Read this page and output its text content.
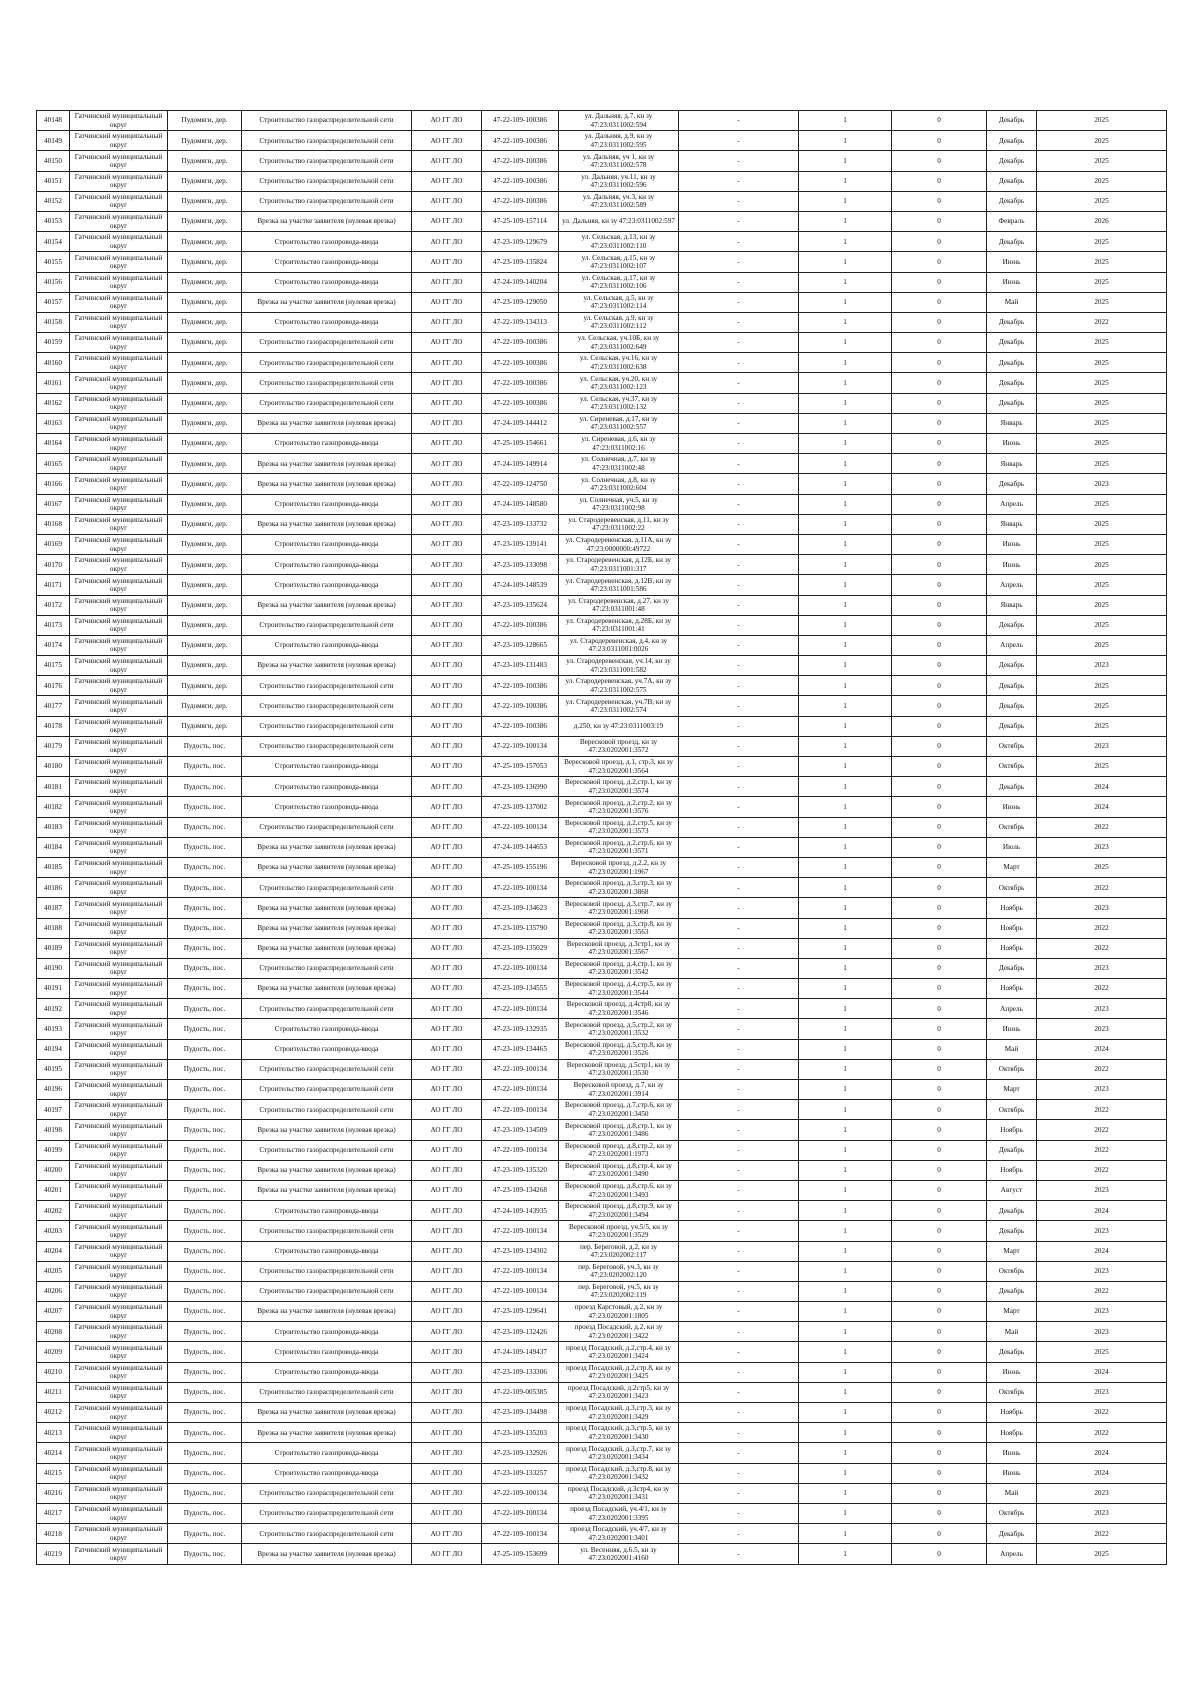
40148	Гатчинский муниципальный округ	Пудомяги, дер.	Строительство газораспределительной сети	АО ГГ ЛО	47-22-109-100386	ул. Дальняя, д.7, кн зу 47:23:0311002:594	-	1	0	Декабрь	2025
40149	Гатчинский муниципальный округ	Пудомяги, дер.	Строительство газораспределительной сети	АО ГГ ЛО	47-22-109-100386	ул. Дальняя, д.9, кн зу 47:23:0311002:595	-	1	0	Декабрь	2025
40150	Гатчинский муниципальный округ	Пудомяги, дер.	Строительство газораспределительной сети	АО ГГ ЛО	47-22-109-100386	ул. Дальняя, уч 1, кн зу 47:23:0311002:578	-	1	0	Декабрь	2025
40151	Гатчинский муниципальный округ	Пудомяги, дер.	Строительство газораспределительной сети	АО ГГ ЛО	47-22-109-100386	ул. Дальняя, уч.11, кн зу 47:23:0311002:596	-	1	0	Декабрь	2025
40152	Гатчинский муниципальный округ	Пудомяги, дер.	Строительство газораспределительной сети	АО ГГ ЛО	47-22-109-100386	ул. Дальняя, уч.3, кн зу 47:23:0311002:589	-	1	0	Декабрь	2025
40153	Гатчинский муниципальный округ	Пудомяги, дер.	Врезка на участке заявителя (нулевая врезка)	АО ГГ ЛО	47-25-109-157114	ул. Дальняя, кн зу 47:23:0311002:597	-	1	0	Февраль	2026
40154	Гатчинский муниципальный округ	Пудомяги, дер.	Строительство газопровода-ввода	АО ГГ ЛО	47-23-109-129679	ул. Сельская, д.13, кн зу 47:23:0311002:110	-	1	0	Декабрь	2025
40155	Гатчинский муниципальный округ	Пудомяги, дер.	Строительство газопровода-ввода	АО ГГ ЛО	47-23-109-135824	ул. Сельская, д.15, кн зу 47:23:0311002:107	-	1	0	Июнь	2025
40156	Гатчинский муниципальный округ	Пудомяги, дер.	Строительство газопровода-ввода	АО ГГ ЛО	47-24-109-140204	ул. Сельская, д.17, кн зу 47:23:0311002:106	-	1	0	Июнь	2025
40157	Гатчинский муниципальный округ	Пудомяги, дер.	Врезка на участке заявителя (нулевая врезка)	АО ГГ ЛО	47-23-109-129050	ул. Сельская, д.5, кн зу 47:23:0311002:114	-	1	0	Май	2025
40158	Гатчинский муниципальный округ	Пудомяги, дер.	Строительство газопровода-ввода	АО ГГ ЛО	47-22-109-134313	ул. Сельская, д.9, кн зу 47:23:0311002:112	-	1	0	Декабрь	2022
40159	Гатчинский муниципальный округ	Пудомяги, дер.	Строительство газораспределительной сети	АО ГГ ЛО	47-22-109-100386	ул. Сельская, уч.10Б, кн зу 47:23:0311002:649	-	1	0	Декабрь	2025
40160	Гатчинский муниципальный округ	Пудомяги, дер.	Строительство газораспределительной сети	АО ГГ ЛО	47-22-109-100386	ул. Сельская, уч.16, кн зу 47:23:0311002:638	-	1	0	Декабрь	2025
40161	Гатчинский муниципальный округ	Пудомяги, дер.	Строительство газораспределительной сети	АО ГГ ЛО	47-22-109-100386	ул. Сельская, уч.20, кн зу 47:23:0311002:123	-	1	0	Декабрь	2025
40162	Гатчинский муниципальный округ	Пудомяги, дер.	Строительство газораспределительной сети	АО ГГ ЛО	47-22-109-100386	ул. Сельская, уч.37, кн зу 47:23:0311002:132	-	1	0	Декабрь	2025
40163	Гатчинский муниципальный округ	Пудомяги, дер.	Врезка на участке заявителя (нулевая врезка)	АО ГГ ЛО	47-24-109-144412	ул. Сиреневая, д.17, кн зу 47:23:0311002:557	-	1	0	Январь	2025
40164	Гатчинский муниципальный округ	Пудомяги, дер.	Строительство газопровода-ввода	АО ГГ ЛО	47-25-109-154661	ул. Сиреневая, д.6, кн зу 47:23:0311002:16	-	1	0	Июнь	2025
40165	Гатчинский муниципальный округ	Пудомяги, дер.	Врезка на участке заявителя (нулевая врезка)	АО ГГ ЛО	47-24-109-149914	ул. Солнечная, д.7, кн зу 47:23:0311002:48	-	1	0	Январь	2025
40166	Гатчинский муниципальный округ	Пудомяги, дер.	Врезка на участке заявителя (нулевая врезка)	АО ГГ ЛО	47-22-109-124750	ул. Солнечная, д.8, кн зу 47:23:0311002:604	-	1	0	Декабрь	2023
40167	Гатчинский муниципальный округ	Пудомяги, дер.	Строительство газопровода-ввода	АО ГГ ЛО	47-24-109-148580	ул. Солнечная, уч.5, кн зу 47:23:0311002:98	-	1	0	Апрель	2025
40168	Гатчинский муниципальный округ	Пудомяги, дер.	Врезка на участке заявителя (нулевая врезка)	АО ГГ ЛО	47-23-109-133732	ул. Стародеревенская, д.11, кн зу 47:23:0311002:22	-	1	0	Январь	2025
40169	Гатчинский муниципальный округ	Пудомяги, дер.	Строительство газопровода-ввода	АО ГГ ЛО	47-23-109-139141	ул. Стародеревенская, д.11А, кн зу 47:23:0000000:49722	-	1	0	Июнь	2025
40170	Гатчинский муниципальный округ	Пудомяги, дер.	Строительство газопровода-ввода	АО ГГ ЛО	47-23-109-133098	ул. Стародеревенская, д.12Б, кн зу 47:23:0311001:317	-	1	0	Июнь	2025
40171	Гатчинский муниципальный округ	Пудомяги, дер.	Строительство газопровода-ввода	АО ГГ ЛО	47-24-109-148539	ул. Стародеревенская, д.12В, кн зу 47:23:0311001:586	-	1	0	Апрель	2025
40172	Гатчинский муниципальный округ	Пудомяги, дер.	Врезка на участке заявителя (нулевая врезка)	АО ГГ ЛО	47-23-109-135624	ул. Стародеревенская, д.27, кн зу 47:23:0311001:48	-	1	0	Январь	2025
40173	Гатчинский муниципальный округ	Пудомяги, дер.	Строительство газораспределительной сети	АО ГГ ЛО	47-22-109-100386	ул. Стародеревенская, д.28Б, кн зу 47:23:0311001:41	-	1	0	Декабрь	2025
40174	Гатчинский муниципальный округ	Пудомяги, дер.	Строительство газопровода-ввода	АО ГГ ЛО	47-23-109-128665	ул. Стародеревенская, д.4, кн зу 47:23:0311001:0026	-	1	0	Апрель	2025
40175	Гатчинский муниципальный округ	Пудомяги, дер.	Врезка на участке заявителя (нулевая врезка)	АО ГГ ЛО	47-23-109-131483	ул. Стародеревенская, уч.14, кн зу 47:23:0311001:582	-	1	0	Декабрь	2023
40176	Гатчинский муниципальный округ	Пудомяги, дер.	Строительство газораспределительной сети	АО ГГ ЛО	47-22-109-100386	ул. Стародеревенская, уч.7А, кн зу 47:23:0311002:575	-	1	0	Декабрь	2025
40177	Гатчинский муниципальный округ	Пудомяги, дер.	Строительство газораспределительной сети	АО ГГ ЛО	47-22-109-100386	ул. Стародеревенская, уч.7В, кн зу 47:23:0311002:574	-	1	0	Декабрь	2025
40178	Гатчинский муниципальный округ	Пудомяги, дер.	Строительство газораспределительной сети	АО ГГ ЛО	47-22-109-100386	д.250, кн зу 47:23:0311003:19	-	1	0	Декабрь	2025
40179	Гатчинский муниципальный округ	Пудость, пос.	Строительство газораспределительной сети	АО ГГ ЛО	47-22-109-100134	Вересковой проезд, кн зу 47:23:0202001:3572	-	1	0	Октябрь	2023
40180	Гатчинский муниципальный округ	Пудость, пос.	Строительство газопровода-ввода	АО ГГ ЛО	47-25-109-157053	Вересковой проезд, д.1, стр.3, кн зу 47:23:0202001:3564	-	1	0	Октябрь	2025
40181	Гатчинский муниципальный округ	Пудость, пос.	Строительство газопровода-ввода	АО ГГ ЛО	47-23-109-136990	Вересковой проезд, д.2,стр.1, кн зу 47:23:0202001:3574	-	1	0	Декабрь	2024
40182	Гатчинский муниципальный округ	Пудость, пос.	Строительство газопровода-ввода	АО ГГ ЛО	47-23-109-137002	Вересковой проезд, д.2,стр.2, кн зу 47:23:0202001:3576	-	1	0	Июнь	2024
40183	Гатчинский муниципальный округ	Пудость, пос.	Строительство газораспределительной сети	АО ГГ ЛО	47-22-109-100134	Вересковой проезд, д.2,стр.5, кн зу 47:23:0202001:3573	-	1	0	Октябрь	2022
40184	Гатчинский муниципальный округ	Пудость, пос.	Врезка на участке заявителя (нулевая врезка)	АО ГГ ЛО	47-24-109-144653	Вересковой проезд, д.2,стр.6, кн зу 47:23:0202001:3571	-	1	0	Июль	2023
40185	Гатчинский муниципальный округ	Пудость, пос.	Врезка на участке заявителя (нулевая врезка)	АО ГГ ЛО	47-25-109-155196	Вересковой проезд, д.2.2, кн зу 47:23:0202001:1967	-	1	0	Март	2025
40186	Гатчинский муниципальный округ	Пудость, пос.	Строительство газораспределительной сети	АО ГГ ЛО	47-22-109-100134	Вересковой проезд, д.3,стр.3, кн зу 47:23:0202001:3868	-	1	0	Октябрь	2022
40187	Гатчинский муниципальный округ	Пудость, пос.	Врезка на участке заявителя (нулевая врезка)	АО ГГ ЛО	47-23-109-134623	Вересковой проезд, д.3,стр.7, кн зу 47:23:0202001:1968	-	1	0	Ноябрь	2023
40188	Гатчинский муниципальный округ	Пудость, пос.	Врезка на участке заявителя (нулевая врезка)	АО ГГ ЛО	47-23-109-135790	Вересковой проезд, д.3,стр.8, кн зу 47:23:0202001:3563	-	1	0	Ноябрь	2022
40189	Гатчинский муниципальный округ	Пудость, пос.	Врезка на участке заявителя (нулевая врезка)	АО ГГ ЛО	47-23-109-135029	Вересковой проезд, д.3стр1, кн зу 47:23:0202001:3567	-	1	0	Ноябрь	2022
40190	Гатчинский муниципальный округ	Пудость, пос.	Строительство газораспределительной сети	АО ГГ ЛО	47-22-109-100134	Вересковой проезд, д.4,стр.1, кн зу 47:23:0202001:3542	-	1	0	Декабрь	2023
40191	Гатчинский муниципальный округ	Пудость, пос.	Врезка на участке заявителя (нулевая врезка)	АО ГГ ЛО	47-23-109-134555	Вересковой проезд, д.4,стр.5, кн зу 47:23:0202001:3544	-	1	0	Ноябрь	2022
40192	Гатчинский муниципальный округ	Пудость, пос.	Строительство газораспределительной сети	АО ГГ ЛО	47-22-109-100134	Вересковой проезд, д.4стр8, кн зу 47:23:0202001:3546	-	1	0	Апрель	2023
40193	Гатчинский муниципальный округ	Пудость, пос.	Строительство газопровода-ввода	АО ГГ ЛО	47-23-109-132935	Вересковой проезд, д.5,стр.2, кн зу 47:23:0202001:3532	-	1	0	Июнь	2023
40194	Гатчинский муниципальный округ	Пудость, пос.	Строительство газопровода-ввода	АО ГГ ЛО	47-23-109-134465	Вересковой проезд, д.5,стр.8, кн зу 47:23:0202001:3526	-	1	0	Май	2024
40195	Гатчинский муниципальный округ	Пудость, пос.	Строительство газораспределительной сети	АО ГГ ЛО	47-22-109-100134	Вересковой проезд, д.5стр1, кн зу 47:23:0202001:3530	-	1	0	Октябрь	2022
40196	Гатчинский муниципальный округ	Пудость, пос.	Строительство газораспределительной сети	АО ГГ ЛО	47-22-109-100134	Вересковой проезд, д.7, кн зу 47:23:0202001:3914	-	1	0	Март	2023
40197	Гатчинский муниципальный округ	Пудость, пос.	Строительство газораспределительной сети	АО ГГ ЛО	47-22-109-100134	Вересковой проезд, д.7,стр.6, кн зу 47:23:0202001:3450	-	1	0	Октябрь	2022
40198	Гатчинский муниципальный округ	Пудость, пос.	Врезка на участке заявителя (нулевая врезка)	АО ГГ ЛО	47-23-109-134509	Вересковой проезд, д.8,стр.1, кн зу 47:23:0202001:3486	-	1	0	Ноябрь	2022
40199	Гатчинский муниципальный округ	Пудость, пос.	Строительство газораспределительной сети	АО ГГ ЛО	47-22-109-100134	Вересковой проезд, д.8,стр.2, кн зу 47:23:0202001:1973	-	1	0	Декабрь	2022
40200	Гатчинский муниципальный округ	Пудость, пос.	Врезка на участке заявителя (нулевая врезка)	АО ГГ ЛО	47-23-109-135320	Вересковой проезд, д.8,стр.4, кн зу 47:23:0202001:3490	-	1	0	Ноябрь	2022
40201	Гатчинский муниципальный округ	Пудость, пос.	Врезка на участке заявителя (нулевая врезка)	АО ГГ ЛО	47-23-109-134268	Вересковой проезд, д.8,стр.6, кн зу 47:23:0202001:3493	-	1	0	Август	2023
40202	Гатчинский муниципальный округ	Пудость, пос.	Строительство газопровода-ввода	АО ГГ ЛО	47-24-109-143935	Вересковой проезд, д.8,стр.9, кн зу 47:23:0202001:3494	-	1	0	Декабрь	2024
40203	Гатчинский муниципальный округ	Пудость, пос.	Строительство газораспределительной сети	АО ГГ ЛО	47-22-109-100134	Вересковой проезд, уч.5/5, кн зу 47:23:0202001:3529	-	1	0	Декабрь	2023
40204	Гатчинский муниципальный округ	Пудость, пос.	Строительство газопровода-ввода	АО ГГ ЛО	47-23-109-134302	пер. Береговой, д.2, кн зу 47:23:0202002:117	-	1	0	Март	2024
40205	Гатчинский муниципальный округ	Пудость, пос.	Строительство газораспределительной сети	АО ГГ ЛО	47-22-109-100134	пер. Береговой, уч.3, кн зу 47:23:0202002:120	-	1	0	Октябрь	2023
40206	Гатчинский муниципальный округ	Пудость, пос.	Строительство газораспределительной сети	АО ГГ ЛО	47-22-109-100134	пер. Береговой, уч.5, кн зу 47:23:0202002:119	-	1	0	Декабрь	2022
40207	Гатчинский муниципальный округ	Пудость, пос.	Врезка на участке заявителя (нулевая врезка)	АО ГГ ЛО	47-23-109-129641	проезд Карстовый, д.2, кн зу 47:23:0202001:1805	-	1	0	Март	2023
40208	Гатчинский муниципальный округ	Пудость, пос.	Строительство газопровода-ввода	АО ГГ ЛО	47-23-109-132426	проезд Посадский, д.2, кн зу 47:23:0202001:3422	-	1	0	Май	2023
40209	Гатчинский муниципальный округ	Пудость, пос.	Строительство газопровода-ввода	АО ГГ ЛО	47-24-109-149437	проезд Посадский, д.2,стр.4, кн зу 47:23:0202001:3424	-	1	0	Декабрь	2025
40210	Гатчинский муниципальный округ	Пудость, пос.	Строительство газопровода-ввода	АО ГГ ЛО	47-23-109-133306	проезд Посадский, д.2,стр.8, кн зу 47:23:0202001:3425	-	1	0	Июнь	2024
40211	Гатчинский муниципальный округ	Пудость, пос.	Строительство газораспределительной сети	АО ГГ ЛО	47-22-109-005385	проезд Посадский, д.2стр5, кн зу 47:23:0202001:3423	-	1	0	Октябрь	2023
40212	Гатчинский муниципальный округ	Пудость, пос.	Врезка на участке заявителя (нулевая врезка)	АО ГГ ЛО	47-23-109-134498	проезд Посадский, д.3,стр.3, кн зу 47:23:0202001:3429	-	1	0	Ноябрь	2022
40213	Гатчинский муниципальный округ	Пудость, пос.	Врезка на участке заявителя (нулевая врезка)	АО ГГ ЛО	47-23-109-135203	проезд Посадский, д.3,стр.5, кн зу 47:23:0202001:3430	-	1	0	Ноябрь	2022
40214	Гатчинский муниципальный округ	Пудость, пос.	Строительство газопровода-ввода	АО ГГ ЛО	47-23-109-132926	проезд Посадский, д.3,стр.7, кн зу 47:23:0202001:3434	-	1	0	Июнь	2024
40215	Гатчинский муниципальный округ	Пудость, пос.	Строительство газопровода-ввода	АО ГГ ЛО	47-23-109-133257	проезд Посадский, д.3,стр.8, кн зу 47:23:0202001:3432	-	1	0	Июнь	2024
40216	Гатчинский муниципальный округ	Пудость, пос.	Строительство газораспределительной сети	АО ГГ ЛО	47-22-109-100134	проезд Посадский, д.3стр4, кн зу 47:23:0202001:3431	-	1	0	Май	2023
40217	Гатчинский муниципальный округ	Пудость, пос.	Строительство газораспределительной сети	АО ГГ ЛО	47-22-109-100134	проезд Посадский, уч.4/1, кн зу 47:23:0202001:3395	-	1	0	Октябрь	2023
40218	Гатчинский муниципальный округ	Пудость, пос.	Строительство газораспределительной сети	АО ГГ ЛО	47-22-109-100134	проезд Посадский, уч.4/7, кн зу 47:23:0202001:3401	-	1	0	Декабрь	2022
40219	Гатчинский муниципальный округ	Пудость, пос.	Врезка на участке заявителя (нулевая врезка)	АО ГГ ЛО	47-25-109-153699	ул. Весенняя, д.6.5, кн зу 47:23:0202001:4160	-	1	0	Апрель	2025
